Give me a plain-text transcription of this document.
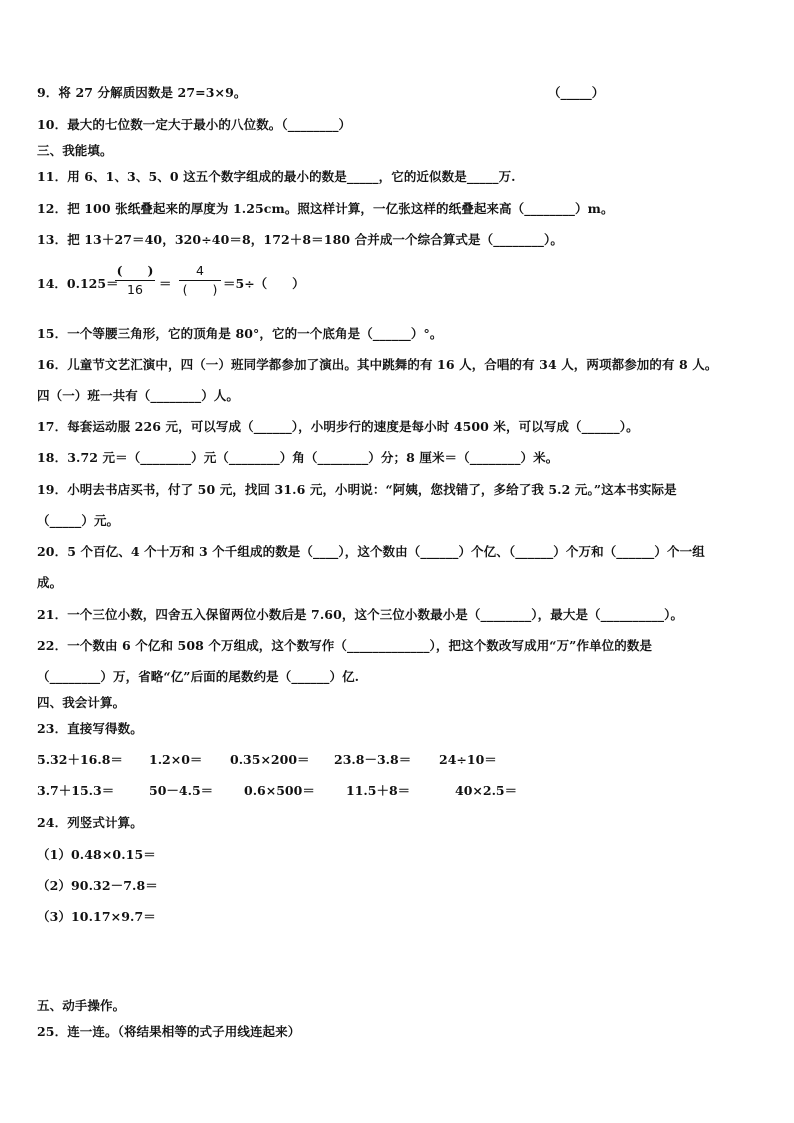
9．将 27 分解质因数是 27=3×9。	（_____）
10．最大的七位数一定大于最小的八位数。（________）
三、我能填。
11．用 6、1、3、5、0 这五个数字组成的最小的数是_____，它的近似数是_____万.
12．把 100 张纸叠起来的厚度为 1.25cm。照这样计算，一亿张这样的纸叠起来高（________）m。
13．把 13＋27＝40，320÷40＝8，172＋8＝180 合并成一个综合算式是（________）。
14．0.125＝
(　　)
16	＝
4
(　　) ＝5÷（　　）
15．一个等腰三角形，它的顶角是 80°，它的一个底角是（______）°。
16．儿童节文艺汇演中，四（一）班同学都参加了演出。其中跳舞的有 16 人，合唱的有 34 人，两项都参加的有 8 人。
四（一）班一共有（________）人。
17．每套运动服 226 元，可以写成（______），小明步行的速度是每小时 4500 米，可以写成（______）。
18．3.72 元＝（________）元（________）角（________）分；8 厘米＝（________）米。
19．小明去书店买书，付了 50 元，找回 31.6 元，小明说：“阿姨，您找错了，多给了我 5.2 元。”这本书实际是
（_____）元。
20．5 个百亿、4 个十万和 3 个千组成的数是（____），这个数由（______）个亿、（______）个万和（______）个一组
成。
21．一个三位小数，四舍五入保留两位小数后是 7.60，这个三位小数最小是（________），最大是（__________）。
22．一个数由 6 个亿和 508 个万组成，这个数写作（_____________），把这个数改写成用“万”作单位的数是
（________）万，省略“亿”后面的尾数约是（______）亿.
四、我会计算。
23．直接写得数。
5.32＋16.8＝ 1.2×0＝ 0.35×200＝ 23.8－3.8＝ 24÷10＝
3.7＋15.3＝	50－4.5＝ 0.6×500＝ 11.5＋8＝	40×2.5＝
24．列竖式计算。
（1）0.48×0.15＝
（2）90.32－7.8＝
（3）10.17×9.7＝
五、动手操作。
25．连一连。（将结果相等的式子用线连起来）
